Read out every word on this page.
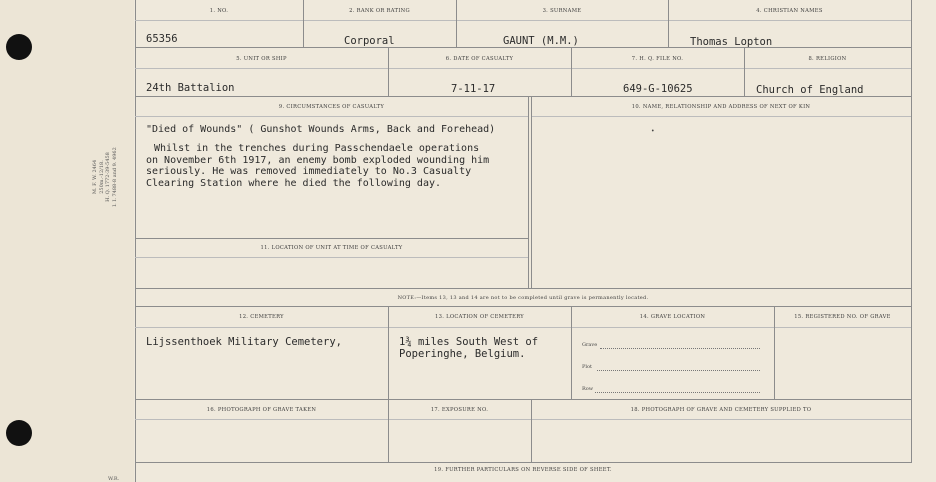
M. F. W. 2464 250m.-12/18. H. Q. 1772-39-5458 I. I. 7488-8 and 9. 4962
W.R.
1. NO.	2. RANK OR RATING	3. SURNAME	4. CHRISTIAN NAMES
65356	Corporal	GAUNT (M.M.)	Thomas Lopton
5. UNIT OR SHIP	6. DATE OF CASUALTY	7. H. Q. FILE NO.	8. RELIGION
24th Battalion	7-11-17	649-G-10625	Church of England
9. CIRCUMSTANCES OF CASUALTY	10. NAME, RELATIONSHIP AND ADDRESS OF NEXT OF KIN
"Died of Wounds" ( Gunshot Wounds Arms, Back and Forehead)
Whilst in the trenches during Passchendaele operations
on November 6th 1917, an enemy bomb exploded wounding him
seriously. He was removed immediately to No.3 Casualty
Clearing Station where he died the following day.
•
11. LOCATION OF UNIT AT TIME OF CASUALTY
NOTE:—Items 13, 13 and 14 are not to be completed until grave is permanently located.
12. CEMETERY	13. LOCATION OF CEMETERY	14. GRAVE LOCATION	15. REGISTERED NO. OF GRAVE
Lijssenthoek Military Cemetery,	1¾ miles South West of
Poperinghe, Belgium.
Grave
Plot
Row
16. PHOTOGRAPH OF GRAVE TAKEN	17. EXPOSURE NO.	18. PHOTOGRAPH OF GRAVE AND CEMETERY SUPPLIED TO
19. FURTHER PARTICULARS ON REVERSE SIDE OF SHEET.
